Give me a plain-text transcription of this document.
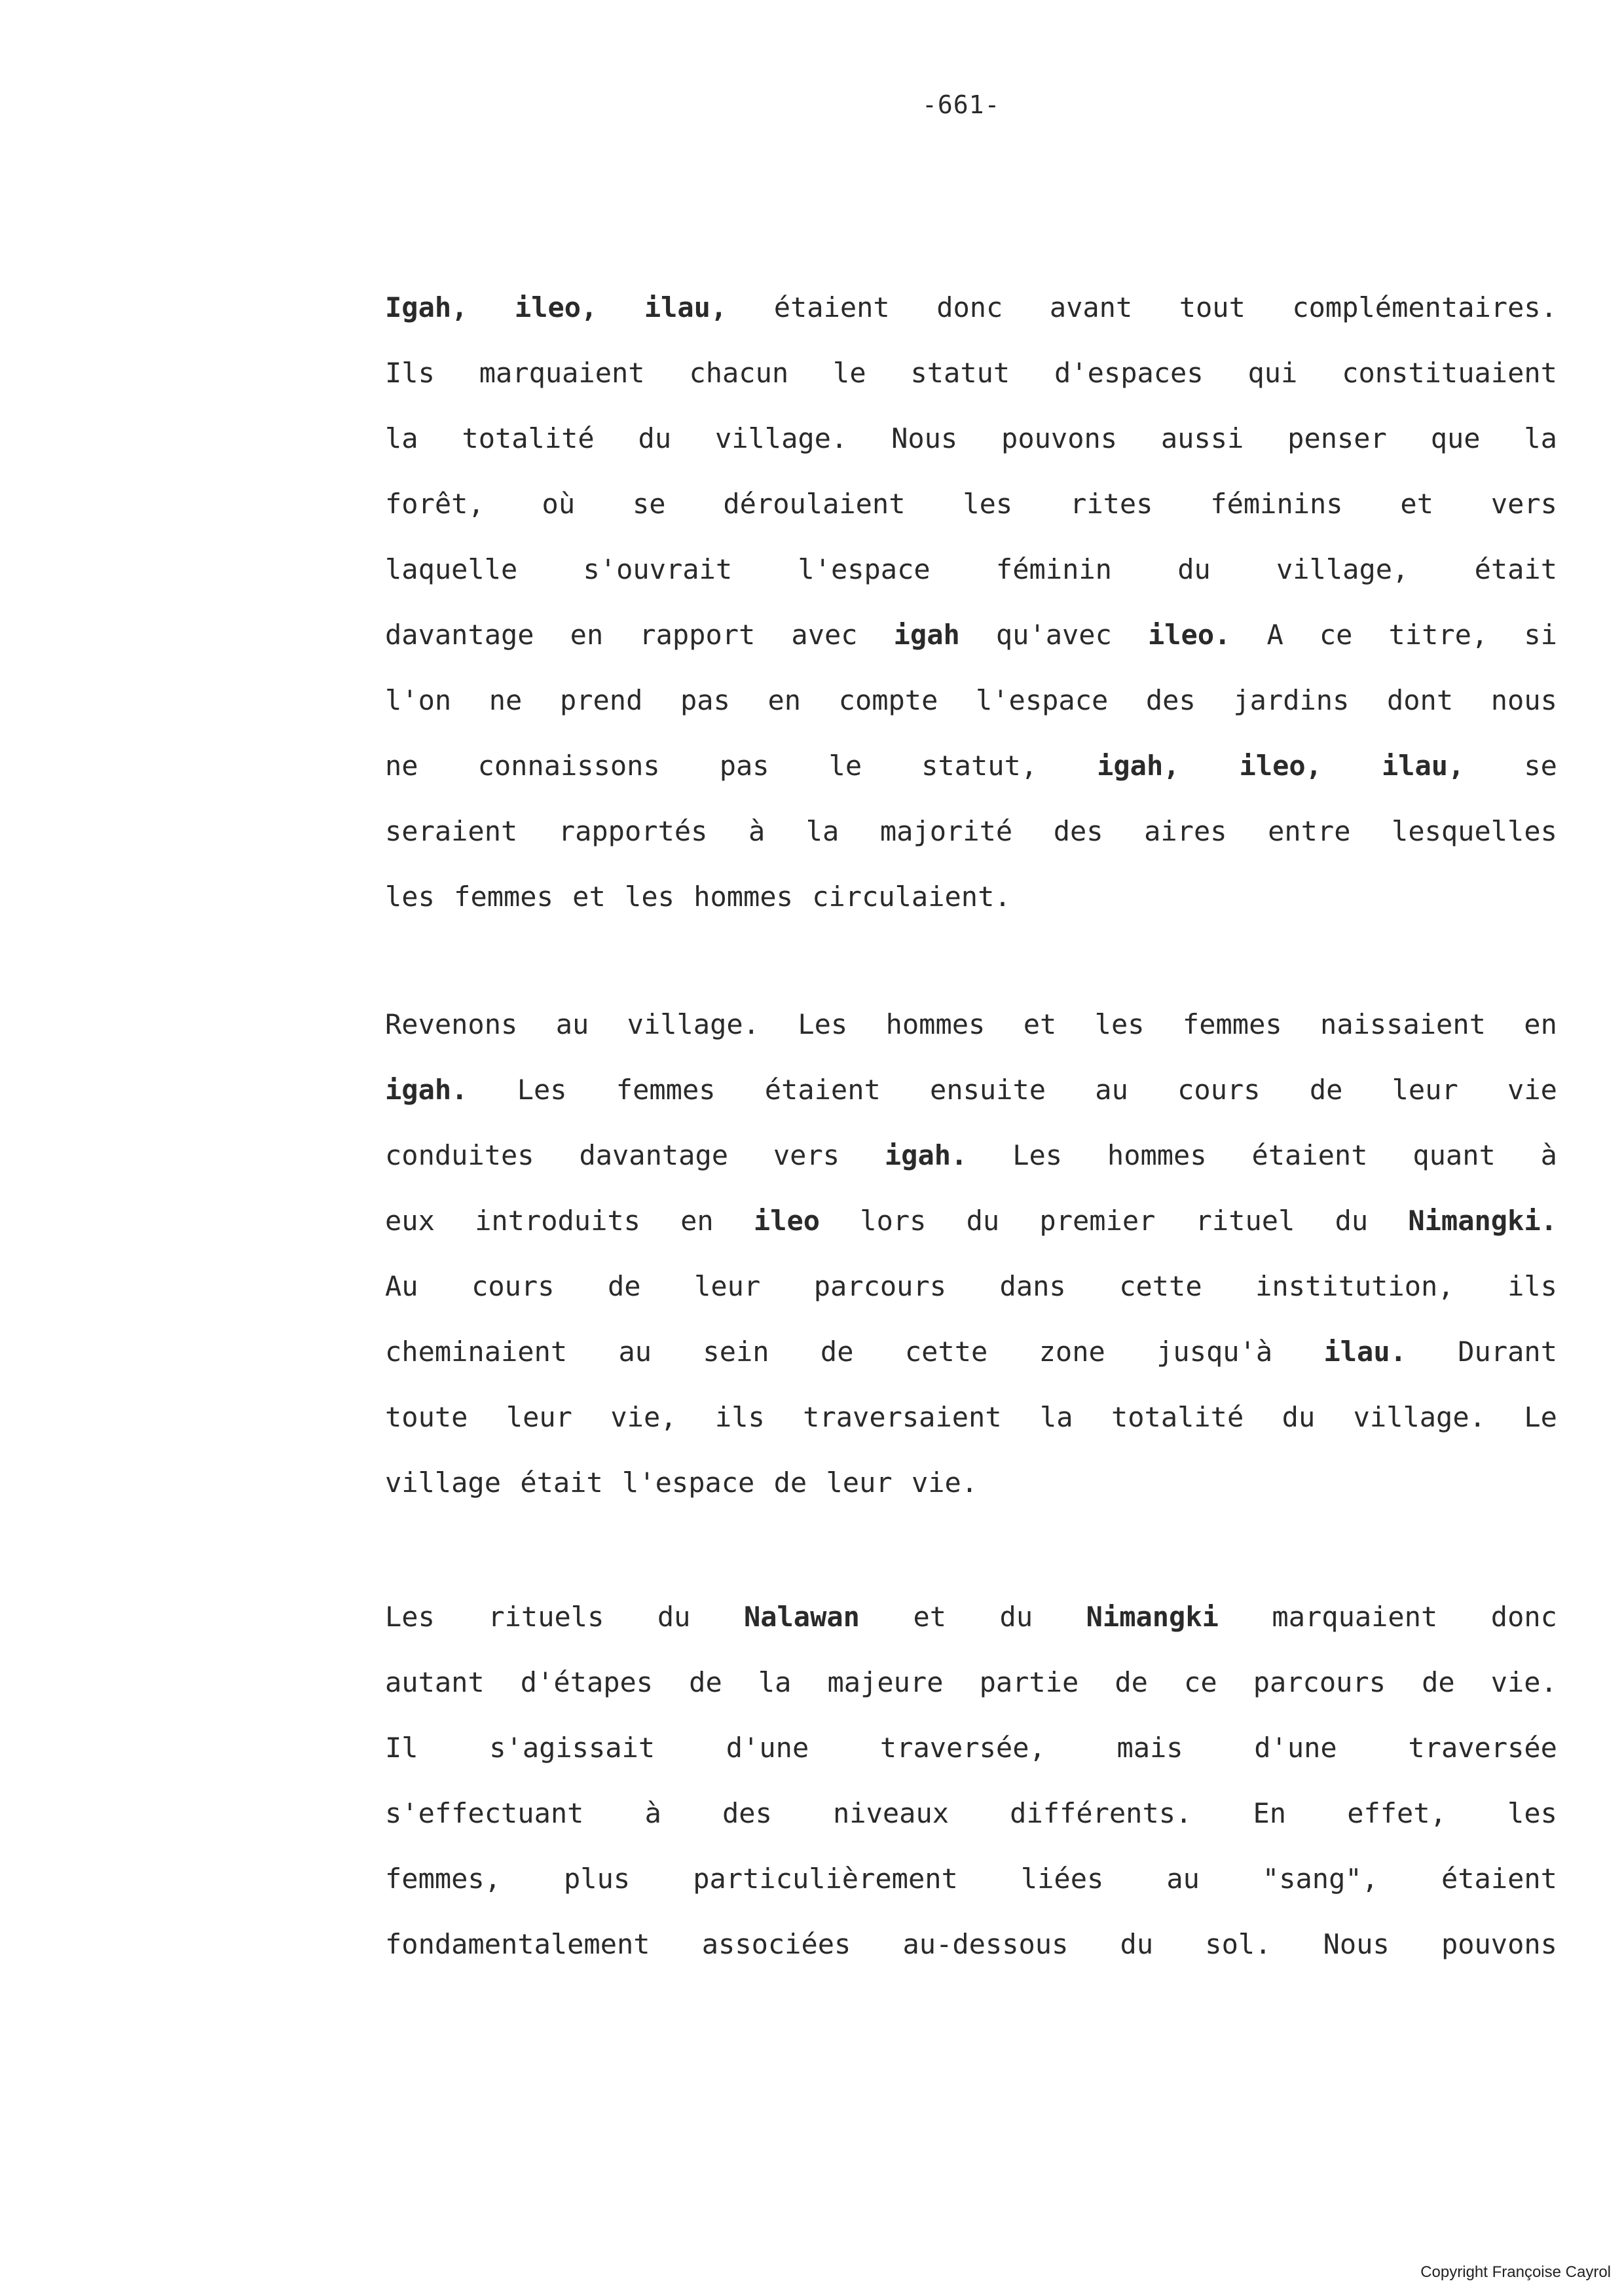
-661-
Igah, ileo, ilau, étaient donc avant tout complémentaires.
Ils marquaient chacun le statut d'espaces qui constituaient
la totalité du village. Nous pouvons aussi penser que la
forêt, où se déroulaient les rites féminins et vers
laquelle s'ouvrait l'espace féminin du village, était
davantage en rapport avec igah qu'avec ileo. A ce titre, si
l'on ne prend pas en compte l'espace des jardins dont nous
ne connaissons pas le statut, igah, ileo, ilau, se
seraient rapportés à la majorité des aires entre lesquelles
les femmes et les hommes circulaient.
Revenons au village. Les hommes et les femmes naissaient en
igah. Les femmes étaient ensuite au cours de leur vie
conduites davantage vers igah. Les hommes étaient quant à
eux introduits en ileo lors du premier rituel du Nimangki.
Au cours de leur parcours dans cette institution, ils
cheminaient au sein de cette zone jusqu'à ilau. Durant
toute leur vie, ils traversaient la totalité du village. Le
village était l'espace de leur vie.
Les rituels du Nalawan et du Nimangki marquaient donc
autant d'étapes de la majeure partie de ce parcours de vie.
Il	s'agissait	d'une	traversée,	mais	d'une	traversée
s'effectuant à des niveaux différents. En effet, les
femmes, plus particulièrement liées au "sang", étaient
fondamentalement associées au-dessous du sol. Nous pouvons
Copyright Françoise Cayrol
